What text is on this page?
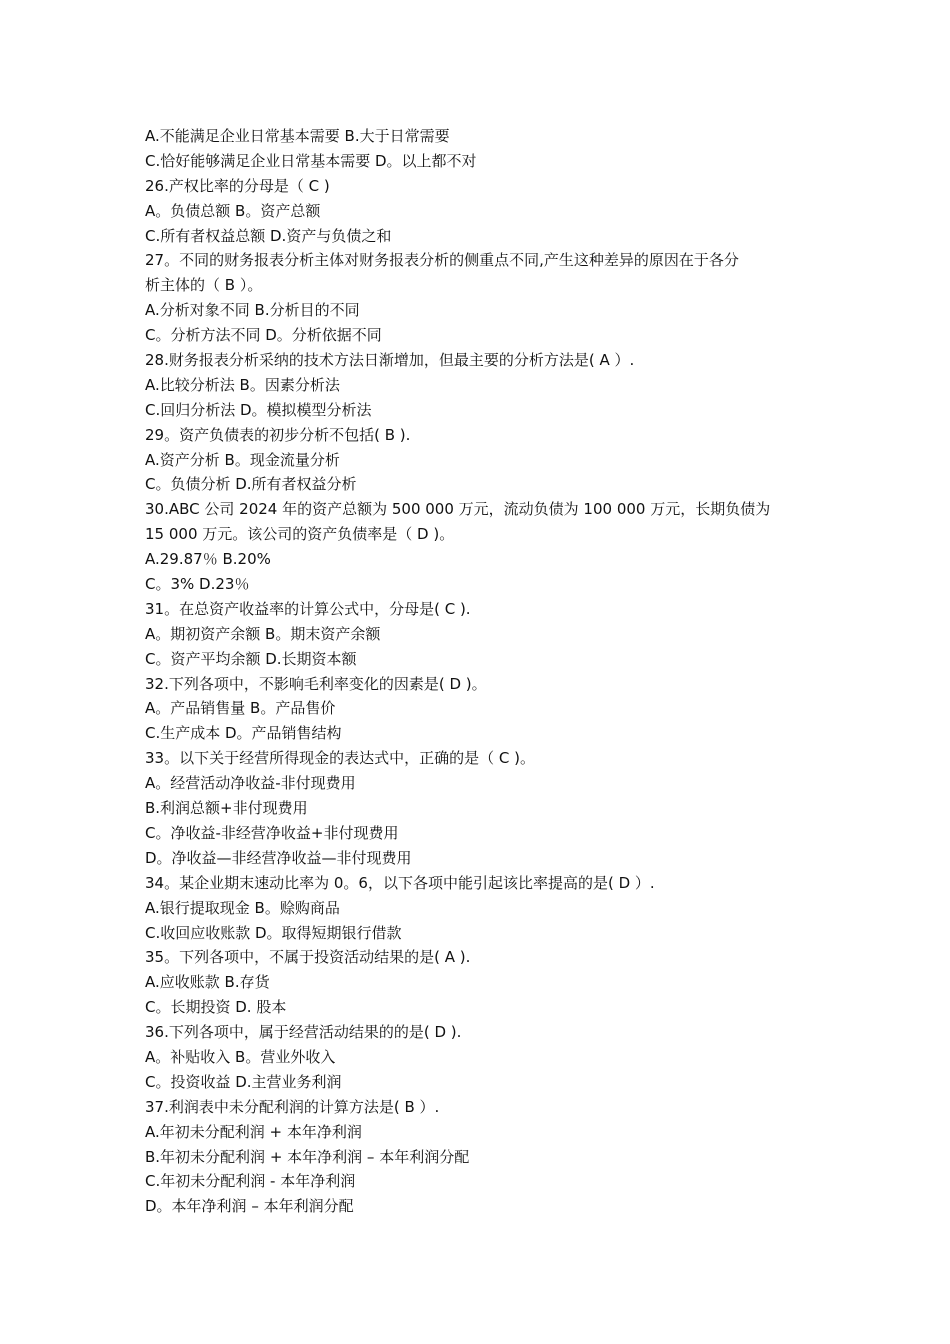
A.不能满足企业日常基本需要 B.大于日常需要
C.恰好能够满足企业日常基本需要 D。以上都不对
26.产权比率的分母是（ C )
A。负债总额 B。资产总额
C.所有者权益总额 D.资产与负债之和
27。不同的财务报表分析主体对财务报表分析的侧重点不同,产生这种差异的原因在于各分
析主体的（ B ）。
A.分析对象不同 B.分析目的不同
C。分析方法不同 D。分析依据不同
28.财务报表分析采纳的技术方法日渐增加，但最主要的分析方法是( A ）.
A.比较分析法 B。因素分析法
C.回归分析法 D。模拟模型分析法
29。资产负债表的初步分析不包括( B ).
A.资产分析 B。现金流量分析
C。负债分析 D.所有者权益分析
30.ABC 公司 2024 年的资产总额为 500 000 万元，流动负债为 100 000 万元，长期负债为
15 000 万元。该公司的资产负债率是（ D )。
A.29.87％ B.20%
C。3% D.23％
31。在总资产收益率的计算公式中，分母是( C ).
A。期初资产余额 B。期末资产余额
C。资产平均余额 D.长期资本额
32.下列各项中，不影响毛利率变化的因素是( D )。
A。产品销售量 B。产品售价
C.生产成本 D。产品销售结构
33。以下关于经营所得现金的表达式中，正确的是（ C )。
A。经营活动净收益-非付现费用
B.利润总额+非付现费用
C。净收益-非经营净收益+非付现费用
D。净收益—非经营净收益—非付现费用
34。某企业期末速动比率为 0。6，以下各项中能引起该比率提高的是( D ）.
A.银行提取现金 B。赊购商品
C.收回应收账款 D。取得短期银行借款
35。下列各项中，不属于投资活动结果的是( A ).
A.应收账款 B.存货
C。长期投资 D. 股本
36.下列各项中，属于经营活动结果的的是( D ).
A。补贴收入 B。营业外收入
C。投资收益 D.主营业务利润
37.利润表中未分配利润的计算方法是( B ）.
A.年初未分配利润 + 本年净利润
B.年初未分配利润 + 本年净利润 – 本年利润分配
C.年初未分配利润 - 本年净利润
D。本年净利润 – 本年利润分配
